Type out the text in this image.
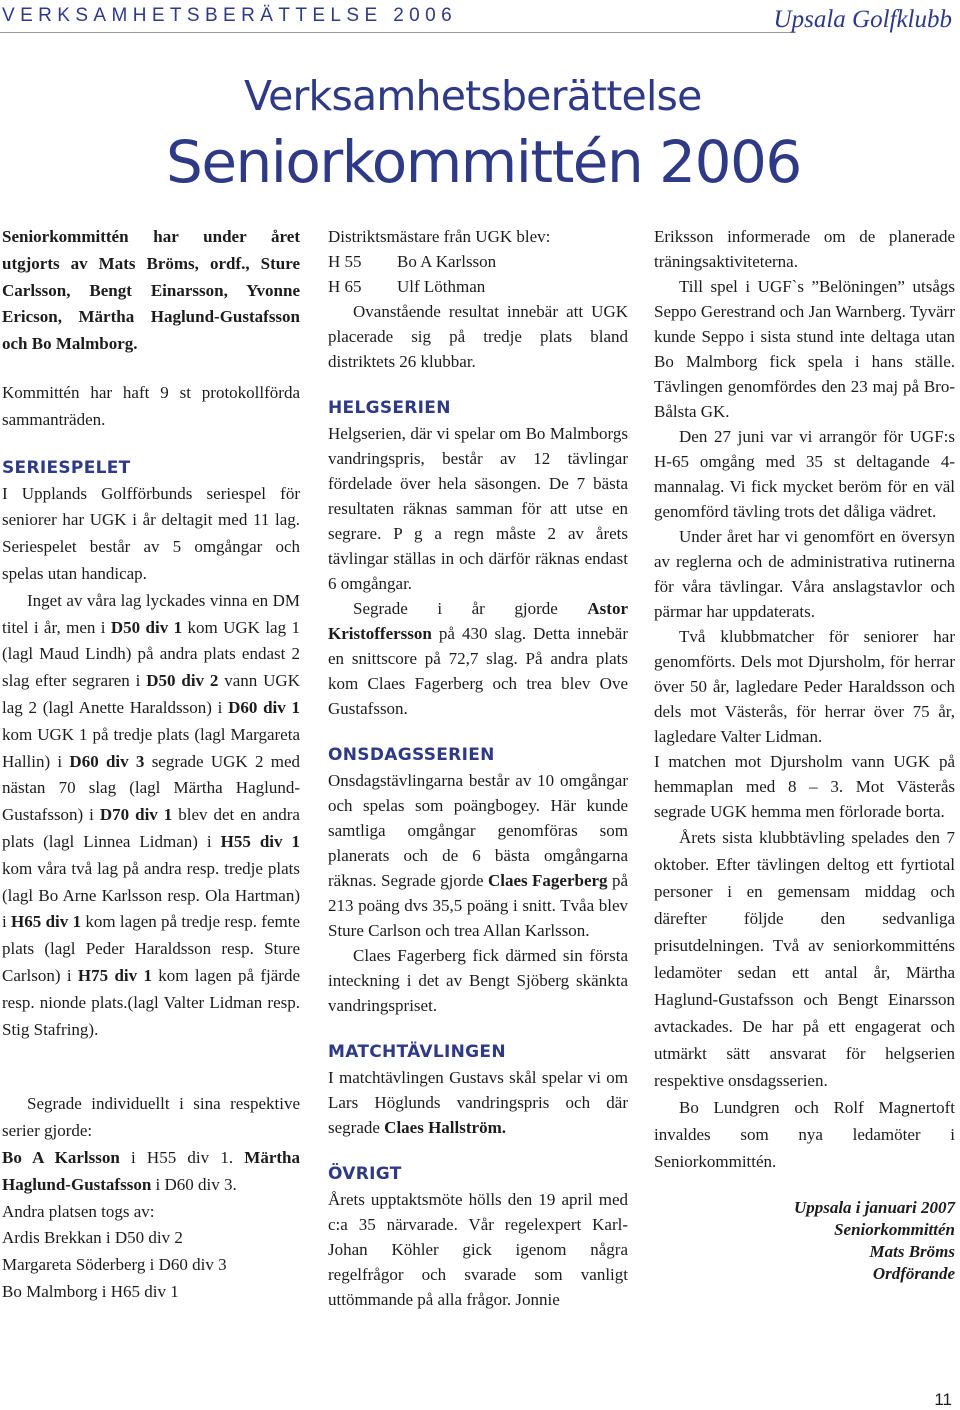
VERKSAMHETSBERÄTTELSE 2006	Upsala Golfklubb
Verksamhetsberättelse
Seniorkommittén 2006

Seniorkommittén har under året utgjorts av Mats Bröms, ordf., Sture Carlsson, Bengt Einarsson, Yvonne Ericson, Märtha Haglund-Gustafsson och Bo Malmborg.

Kommittén har haft 9 st protokollförda sammanträden.

SERIESPELET

I Upplands Golfförbunds seriespel för seniorer har UGK i år deltagit med 11 lag. Seriespelet består av 5 omgångar och spelas utan handicap.

Inget av våra lag lyckades vinna en DM titel i år, men i D50 div 1 kom UGK lag 1 (lagl Maud Lindh) på andra plats endast 2 slag efter segraren i D50 div 2 vann UGK lag 2 (lagl Anette Haraldsson) i D60 div 1 kom UGK 1 på tredje plats (lagl Margareta Hallin) i D60 div 3 segrade UGK 2 med nästan 70 slag (lagl Märtha Haglund-Gustafsson) i D70 div 1 blev det en andra plats (lagl Linnea Lidman) i H55 div 1 kom våra två lag på andra resp. tredje plats (lagl Bo Arne Karlsson resp. Ola Hartman) i H65 div 1 kom lagen på tredje resp. femte plats (lagl Peder Haraldsson resp. Sture Carlson) i H75 div 1 kom lagen på fjärde resp. nionde plats.(lagl Valter Lidman resp. Stig Stafring).

Segrade individuellt i sina respektive serier gjorde:

Bo A Karlsson i H55 div 1. Märtha Haglund-Gustafsson i D60 div 3.

Andra platsen togs av:
Ardis Brekkan i D50 div 2
Margareta Söderberg i D60 div 3
Bo Malmborg i H65 div 1

Distriktsmästare från UGK blev:

H 55 Bo A Karlsson
H 65 Ulf Löthman

Ovanstående resultat innebär att UGK placerade sig på tredje plats bland distriktets 26 klubbar.

HELGSERIEN

Helgserien, där vi spelar om Bo Malmborgs vandringspris, består av 12 tävlingar fördelade över hela säsongen. De 7 bästa resultaten räknas samman för att utse en segrare. P g a regn måste 2 av årets tävlingar ställas in och därför räknas endast 6 omgångar.

Segrade i år gjorde Astor Kristoffersson på 430 slag. Detta innebär en snittscore på 72,7 slag. På andra plats kom Claes Fagerberg och trea blev Ove Gustafsson.

ONSDAGSSERIEN

Onsdagstävlingarna består av 10 omgångar och spelas som poängbogey. Här kunde samtliga omgångar genomföras som planerats och de 6 bästa omgångarna räknas. Segrade gjorde Claes Fagerberg på 213 poäng dvs 35,5 poäng i snitt. Tvåa blev Sture Carlson och trea Allan Karlsson.

Claes Fagerberg fick därmed sin första inteckning i det av Bengt Sjöberg skänkta vandringspriset.

MATCHTÄVLINGEN

I matchtävlingen Gustavs skål spelar vi om Lars Höglunds vandringspris och där segrade Claes Hallström.

ÖVRIGT

Årets upptaktsmöte hölls den 19 april med c:a 35 närvarade. Vår regelexpert Karl-Johan Köhler gick igenom några regelfrågor och svarade som vanligt uttömmande på alla frågor. Jonnie

Eriksson informerade om de planerade träningsaktiviteterna.

Till spel i UGF`s ”Belöningen” utsågs Seppo Gerestrand och Jan Warnberg. Tyvärr kunde Seppo i sista stund inte deltaga utan Bo Malmborg fick spela i hans ställe. Tävlingen genomfördes den 23 maj på Bro-Bålsta GK.

Den 27 juni var vi arrangör för UGF:s H-65 omgång med 35 st deltagande 4-mannalag. Vi fick mycket beröm för en väl genomförd tävling trots det dåliga vädret.

Under året har vi genomfört en översyn av reglerna och de administrativa rutinerna för våra tävlingar. Våra anslagstavlor och pärmar har uppdaterats.

Två klubbmatcher för seniorer har genomförts. Dels mot Djursholm, för herrar över 50 år, lagledare Peder Haraldsson och dels mot Västerås, för herrar över 75 år, lagledare Valter Lidman.

I matchen mot Djursholm vann UGK på hemmaplan med 8 – 3. Mot Västerås segrade UGK hemma men förlorade borta.

Årets sista klubbtävling spelades den 7 oktober. Efter tävlingen deltog ett fyrtiotal personer i en gemensam middag och därefter följde den sedvanliga prisutdelningen. Två av seniorkommitténs ledamöter sedan ett antal år, Märtha Haglund-Gustafsson och Bengt Einarsson avtackades. De har på ett engagerat och utmärkt sätt ansvarat för helgserien respektive onsdagsserien.

Bo Lundgren och Rolf Magnertoft invaldes som nya ledamöter i Seniorkommittén.

Uppsala i januari 2007
Seniorkommittén
Mats Bröms
Ordförande
11
